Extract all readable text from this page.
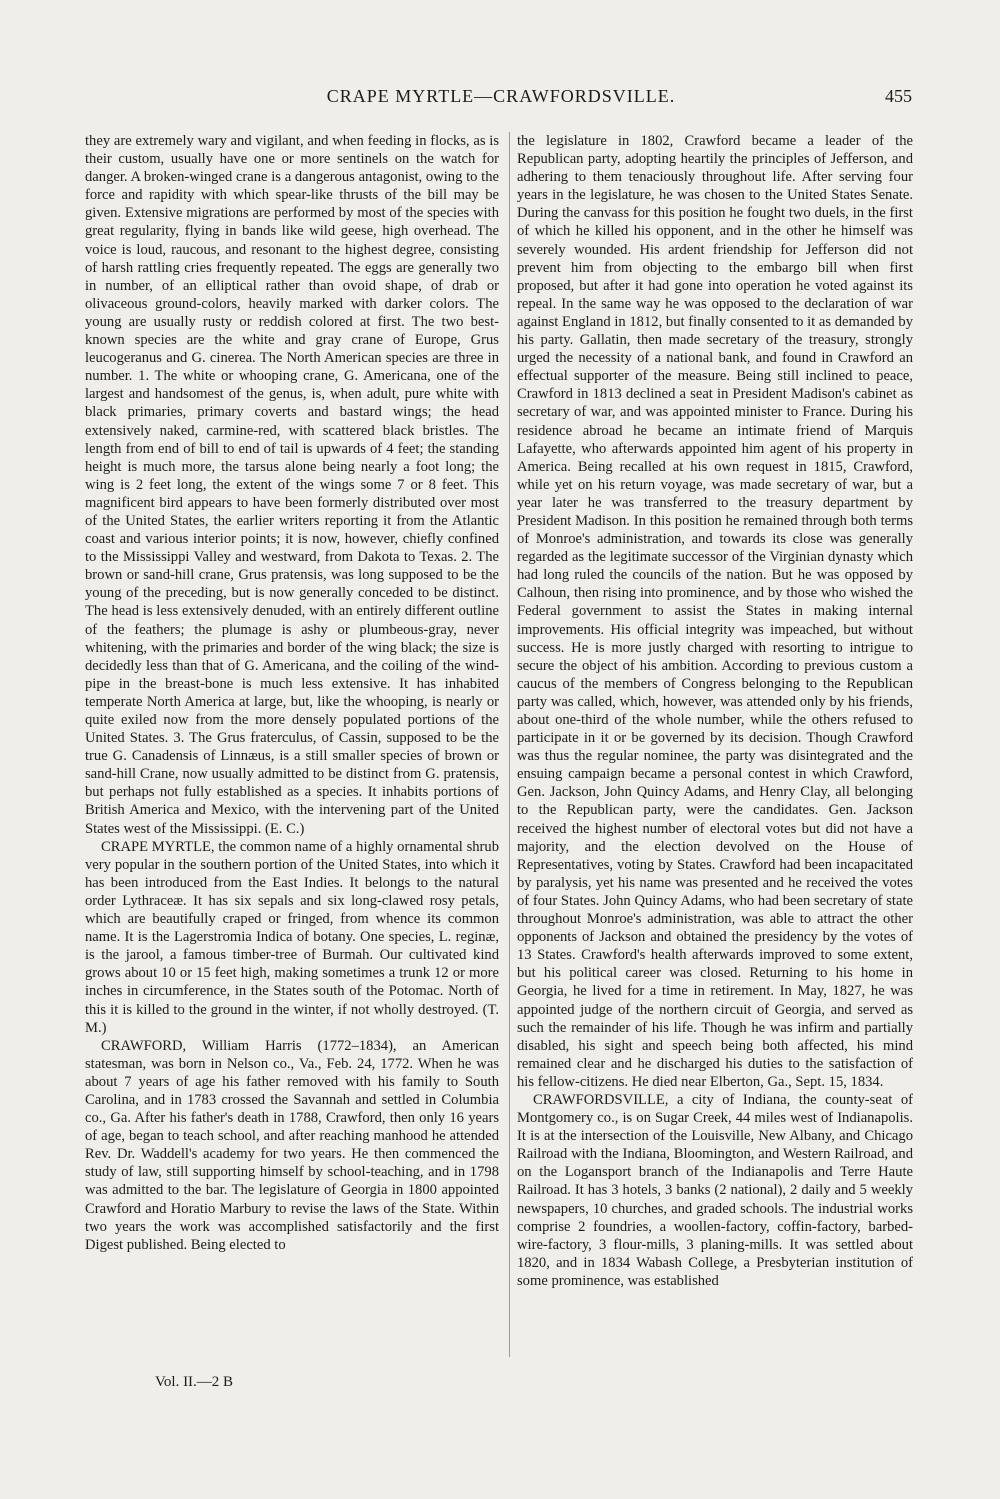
CRAPE MYRTLE—CRAWFORDSVILLE.	455

they are extremely wary and vigilant, and when feeding in flocks, as is their custom, usually have one or more sentinels on the watch for danger. A broken-winged crane is a dangerous antagonist, owing to the force and rapidity with which spear-like thrusts of the bill may be given. Extensive migrations are performed by most of the species with great regularity, flying in bands like wild geese, high overhead. The voice is loud, raucous, and resonant to the highest degree, consisting of harsh rattling cries frequently repeated. The eggs are generally two in number, of an elliptical rather than ovoid shape, of drab or olivaceous ground-colors, heavily marked with darker colors. The young are usually rusty or reddish colored at first. The two best-known species are the white and gray crane of Europe, Grus leucogeranus and G. cinerea. The North American species are three in number. 1. The white or whooping crane, G. Americana, one of the largest and handsomest of the genus, is, when adult, pure white with black primaries, primary coverts and bastard wings; the head extensively naked, carmine-red, with scattered black bristles. The length from end of bill to end of tail is upwards of 4 feet; the standing height is much more, the tarsus alone being nearly a foot long; the wing is 2 feet long, the extent of the wings some 7 or 8 feet. This magnificent bird appears to have been formerly distributed over most of the United States, the earlier writers reporting it from the Atlantic coast and various interior points; it is now, however, chiefly confined to the Mississippi Valley and westward, from Dakota to Texas. 2. The brown or sand-hill crane, Grus pratensis, was long supposed to be the young of the preceding, but is now generally conceded to be distinct. The head is less extensively denuded, with an entirely different outline of the feathers; the plumage is ashy or plumbeous-gray, never whitening, with the primaries and border of the wing black; the size is decidedly less than that of G. Americana, and the coiling of the wind-pipe in the breast-bone is much less extensive. It has inhabited temperate North America at large, but, like the whooping, is nearly or quite exiled now from the more densely populated portions of the United States. 3. The Grus fraterculus, of Cassin, supposed to be the true G. Canadensis of Linnæus, is a still smaller species of brown or sand-hill Crane, now usually admitted to be distinct from G. pratensis, but perhaps not fully established as a species. It inhabits portions of British America and Mexico, with the intervening part of the United States west of the Mississippi. (E. C.)

CRAPE MYRTLE, the common name of a highly ornamental shrub very popular in the southern portion of the United States, into which it has been introduced from the East Indies. It belongs to the natural order Lythraceæ. It has six sepals and six long-clawed rosy petals, which are beautifully craped or fringed, from whence its common name. It is the Lagerstromia Indica of botany. One species, L. reginæ, is the jarool, a famous timber-tree of Burmah. Our cultivated kind grows about 10 or 15 feet high, making sometimes a trunk 12 or more inches in circumference, in the States south of the Potomac. North of this it is killed to the ground in the winter, if not wholly destroyed. (T. M.)

CRAWFORD, William Harris (1772–1834), an American statesman, was born in Nelson co., Va., Feb. 24, 1772. When he was about 7 years of age his father removed with his family to South Carolina, and in 1783 crossed the Savannah and settled in Columbia co., Ga. After his father's death in 1788, Crawford, then only 16 years of age, began to teach school, and after reaching manhood he attended Rev. Dr. Waddell's academy for two years. He then commenced the study of law, still supporting himself by school-teaching, and in 1798 was admitted to the bar. The legislature of Georgia in 1800 appointed Crawford and Horatio Marbury to revise the laws of the State. Within two years the work was accomplished satisfactorily and the first Digest published. Being elected to

the legislature in 1802, Crawford became a leader of the Republican party, adopting heartily the principles of Jefferson, and adhering to them tenaciously throughout life. After serving four years in the legislature, he was chosen to the United States Senate. During the canvass for this position he fought two duels, in the first of which he killed his opponent, and in the other he himself was severely wounded. His ardent friendship for Jefferson did not prevent him from objecting to the embargo bill when first proposed, but after it had gone into operation he voted against its repeal. In the same way he was opposed to the declaration of war against England in 1812, but finally consented to it as demanded by his party. Gallatin, then made secretary of the treasury, strongly urged the necessity of a national bank, and found in Crawford an effectual supporter of the measure. Being still inclined to peace, Crawford in 1813 declined a seat in President Madison's cabinet as secretary of war, and was appointed minister to France. During his residence abroad he became an intimate friend of Marquis Lafayette, who afterwards appointed him agent of his property in America. Being recalled at his own request in 1815, Crawford, while yet on his return voyage, was made secretary of war, but a year later he was transferred to the treasury department by President Madison. In this position he remained through both terms of Monroe's administration, and towards its close was generally regarded as the legitimate successor of the Virginian dynasty which had long ruled the councils of the nation. But he was opposed by Calhoun, then rising into prominence, and by those who wished the Federal government to assist the States in making internal improvements. His official integrity was impeached, but without success. He is more justly charged with resorting to intrigue to secure the object of his ambition. According to previous custom a caucus of the members of Congress belonging to the Republican party was called, which, however, was attended only by his friends, about one-third of the whole number, while the others refused to participate in it or be governed by its decision. Though Crawford was thus the regular nominee, the party was disintegrated and the ensuing campaign became a personal contest in which Crawford, Gen. Jackson, John Quincy Adams, and Henry Clay, all belonging to the Republican party, were the candidates. Gen. Jackson received the highest number of electoral votes but did not have a majority, and the election devolved on the House of Representatives, voting by States. Crawford had been incapacitated by paralysis, yet his name was presented and he received the votes of four States. John Quincy Adams, who had been secretary of state throughout Monroe's administration, was able to attract the other opponents of Jackson and obtained the presidency by the votes of 13 States. Crawford's health afterwards improved to some extent, but his political career was closed. Returning to his home in Georgia, he lived for a time in retirement. In May, 1827, he was appointed judge of the northern circuit of Georgia, and served as such the remainder of his life. Though he was infirm and partially disabled, his sight and speech being both affected, his mind remained clear and he discharged his duties to the satisfaction of his fellow-citizens. He died near Elberton, Ga., Sept. 15, 1834.

CRAWFORDSVILLE, a city of Indiana, the county-seat of Montgomery co., is on Sugar Creek, 44 miles west of Indianapolis. It is at the intersection of the Louisville, New Albany, and Chicago Railroad with the Indiana, Bloomington, and Western Railroad, and on the Logansport branch of the Indianapolis and Terre Haute Railroad. It has 3 hotels, 3 banks (2 national), 2 daily and 5 weekly newspapers, 10 churches, and graded schools. The industrial works comprise 2 foundries, a woollen-factory, coffin-factory, barbed-wire-factory, 3 flour-mills, 3 planing-mills. It was settled about 1820, and in 1834 Wabash College, a Presbyterian institution of some prominence, was established

Vol. II.—2 B
